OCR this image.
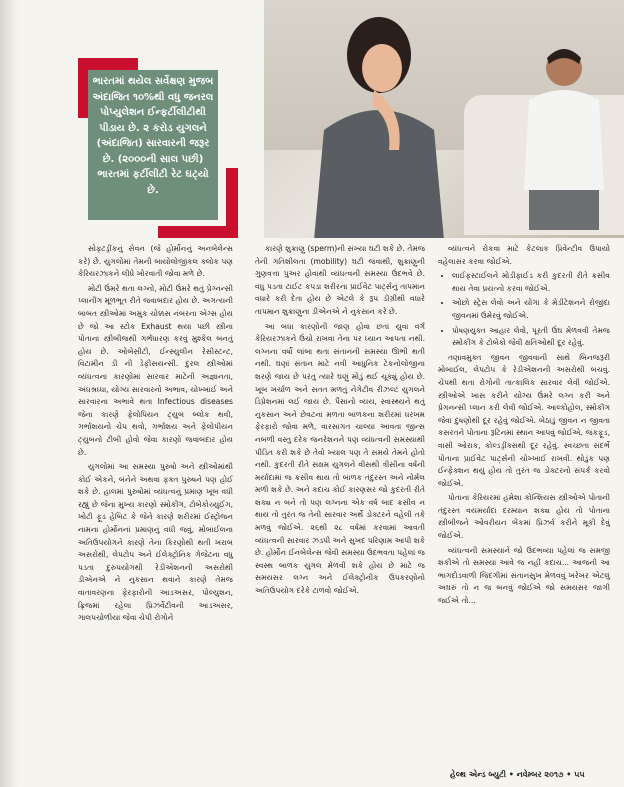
ભારતમાં થયેલ સર્વેક્ષણ મુજબ અંદાજિત ૧૦%થી વધુ જનરલ પોપ્યુલેશન ઈન્ફર્ટીલીટીથી પીડાય છે. ૨ કરોડ યુગલને (અંદાજિત) સારવારની જરૂર છે. (૨૦૦૦ની સાલ પછી) ભારતમાં ફર્ટીલીટી રેટ ઘટ્યો છે.

સોફ્ટડ્રીંકનું સેવન (જે હોર્મોનનું અનબેલેન્સ કરે) છે. યુગલોમાં તેમની બાયોલોજીકલ ક્લોક પણ કેરિયરઝાકને લીધે ખોરવાતી જોવા મળે છે.

મોટી ઉંમરે થતા લગ્નો, મોટી ઉંમરે થતું પ્રેગ્નન્સી પ્લાનીંગ મૂળભૂત રીતે જવાબદાર હોય છે. અગત્યની બાબત સ્ત્રીઓમાં અમુક ચોક્કસ નંબરના એગ્સ હોય છે જો આ સ્ટોક Exhaust થયા પછી સ્ત્રીના પોતાના સ્ત્રીબીજથી ગર્ભધારણ કરવું મુશ્કેલ બનતું હોય છે. ઓબેસીટી, ઈન્સ્યુલીન રેસીસ્ટન્ટ, વિટામીન ડી ની ડેફીસયન્સી. દુરલ સ્ત્રીઓમાં વ્યંધત્વના કારણોમાં સારવાર માટેની અજ્ઞાનતા, અંધશ્રધ્ધા, યોગ્ય સારવારનો અભાવ, ચોખ્ખાઈ અને સારવારના અભાવે થતા Infectious diseases જેના કારણે ફેલોપિયન ટ્યુબ બ્લોક થવી, ગર્ભાશયનો ચેપ થવો, ગર્ભાશય અને ફેલોપીયન ટ્યુબનો ટીબી હોવો જેવા કારણો જવાબદાર હોય છે.

યુગલોમાં આ સમસ્યા પુરુષો અને સ્ત્રીઓમાંથી કોઈ એકને, બંનેને અથવા ફક્ત પુરુષને પણ હોઈ શકે છે. હાલમાં પુરુષોમાં વ્યંધત્વનું પ્રમાણ ખૂબ વધી રહ્યું છે જેના મુખ્ય કારણો સ્મોકીંગ, ટોબેકોચ્યુઈંગ, ખોટી ફૂડ હેબિટ કે જેને કારણે શરીરમાં ઈસ્ટ્રોજન નામના હોર્મોનનાં પ્રમાણનું વધી જવું, મોબાઈલના અતિઉપયોગને કારણે તેના કિરણોથી થતી ખરાબ અસરોથી, લેપટોપ અને ઈલેક્ટ્રોનિક ગેજેટના વધુ પડતા દુરુપયોગથી રેડીએશનની અસરોથી ડીએનએ ને નુકસાન થવાને કારણે તેમજ વાતાવરણના ફેરફારોની આડઅસર, પોલ્યુશન, ફ્રિજમાં રહેલા પ્રિઝર્વેટીવની આડઅસર, ગાલપચોળીયા જેવા ચેપી રોગોને

કારણે શુક્રાણુ (sperm)ની સંખ્યા ઘટી શકે છે. તેમજ તેની ગતિશીલતા (mobility) ઘટી જવાથી, શુક્રાણુની ગુણવત્તા પુઅર હોવાથી વ્યંધત્વની સમસ્યા ઉદભવે છે. વધુ પડતા ટાઈટ કપડા શરીરના પ્રાઈવેટ પાર્ટ્સનું તાપમાન વધારે કરી દેતા હોય છે એટલે કે રૂપ ડીગ્રીથી વધારે તાપમાન શુક્રાણુના ડીએનએ ને નુકસાન કરે છે.

આ બધા કારણોની જાણ હોવા છતાં યુવા વર્ગ કેરિયરઝાકને ઉંચો રાખવા તેના પર ધ્યાન આપતા નથી. લગ્નના વર્ષો લાંબા થતા સંતાનની સમસ્યા ઊભી થતી નથી. ઘણાં સંતાન માટે નવી આધુનિક ટેકનોલોજીના શરણે જાય છે પરંતુ ત્યારે ઘણું મોડું થઈ ચૂક્યું હોય છે. ખૂબ ખર્ચાળ અને સતત મળતું નેગેટીવ રીઝલ્ટ યુગલને ડિપ્રેશનમાં લઈ જાય છે. પૈસાનો વ્યય, સ્વાસ્થ્યને થતું નુકસાન અને છેવટના મળતા બાળકના શરીરમાં ધરખમ ફેરફારો જોવા મળે, વારસાગત ચાલ્યા આવતા જીન્સ નબળી વસ્તુ દરેક જનરેશનને પણ વ્યંધત્વની સમસ્યાથી પીડિત કરી શકે છે તેવો ખ્યાલ પણ તે સમયે તેમને હોતો નથી. કુદરતી રીતે સક્ષમ યુગલને વીસથી ત્રીસીના વર્ષની મર્યાદામાં જ ક્રસીવ થાય તો બાળક તંદુરસ્ત અને નોર્મલ મળી શકે છે. અને કદાચ કોઈ કારણસર જો કુદરતી રીતે શક્ય ન બને તો પણ લગ્નના એક વર્ષ બાદ ક્રસીવ ન થાય તો તુરંત જ તેની સારવાર અર્થે ડોક્ટરને વહેલી તકે મળવું જોઈએ. ૨૬થી ૨૮ વર્ષમાં કરવામાં આવતી વ્યંધત્વની સારવાર ઝડપી અને સુખદ પરિણામ આપી શકે છે. હોર્મોન ઈનબેલેન્સ જેવી સમસ્યા ઉદભવતા પહેલાં જ સ્વસ્થ બાળક યુગલ મેળવી શકે હોય છે માટે જ સમયસર લગ્ન અને ઈલેક્ટ્રોનીક ઉપકરણોનો અતિઉપયોગ દરેકે ટાળવો જોઈએ.

વ્યંધત્વને રોકવા માટે કેટલાક પ્રિવેન્ટીવ ઉપાયો વહેલાસર કરવા જોઈએ.

• લાઈફસ્ટાઈલને મોડીફાઈડ કરી કુદરતી રીતે ક્રસીવ થાય તેવા પ્રયત્નો કરવા જોઈએ.
• ઓછો સ્ટ્રેસ લેવો અને યોગા કે મેડીટેશનને રોજીંદા જીવનમાં ઉમેરવું જોઈએ.
• પોષણયુક્ત આહાર લેવો, પૂરતી ઉંઘ મેળવવી તેમજ સ્મોકીંગ કે ટોબેકો જેવી ક્ષતિઓથી દૂર રહેવું.

તણાવમુક્ત જીવન જીવવાની સાથે બિનજરૂરી મોબાઈલ, લેપટોપ કે રેડીએશનની અસરોથી બચવું. ચેપથી થતા રોગોની તાત્કાલિક સારવાર લેવી જોઈએ. સ્ત્રીઓએ ખાસ કરીને યોગ્ય ઉંમરે લગ્ન કરી અને પ્રેગનન્સી પ્લાન કરી લેવી જોઈએ. આલ્કોહોલ, સ્મોકીંગ જેવા દુષણોથી દૂર રહેવું જોઈએ. બેઠાડું જીવન ન જીવતા કસરતને પોતાના રૂટિનમાં સ્થાન આપવું જોઈએ. જંકફૂડ, વાસી ઓરાક, કોલ્ડડ્રીંક્સથી દૂર રહેવું. સ્વચ્છતા સંદર્ભે પોતાના પ્રાઈવેટ પાર્ટ્સની ચોખ્ખાઈ રાખવી. થોડુંક પણ ઈન્ફેક્શન થયું હોય તો તુરંત જ ડોક્ટરનો સંપર્ક કરવો જોઈએ.

પોતાના કેરિયરમાં હંમેશા કોન્શિયસ સ્ત્રીઓએ પોતાની તંદુરસ્ત વયમર્યાદા દરમ્યાન શક્ય હોય તો પોતાના સ્ત્રીબીજને ઓવરીયન બેંકમાં પ્રિઝર્વ કરીને મૂકી દેવું જોઈએ.

વ્યંધત્વની સમસ્યાને જો ઉદભવ્યા પહેલાં જ સમજી શકીએ તો સમસ્યા આવે જ નહીં કદાચ... આજની આ ભાગદોડવાળી જિંદગીમાં સંતાનસુખ મેળવવું ખરેખર એટલું અઘરું તો ન જ બનવું જોઈએ જો સમયસર જાગી જઈએ તો...

હેલ્થ એન્ડ બ્યુટી • નવેમ્બર ૨૦૧૭ • ૫૫
